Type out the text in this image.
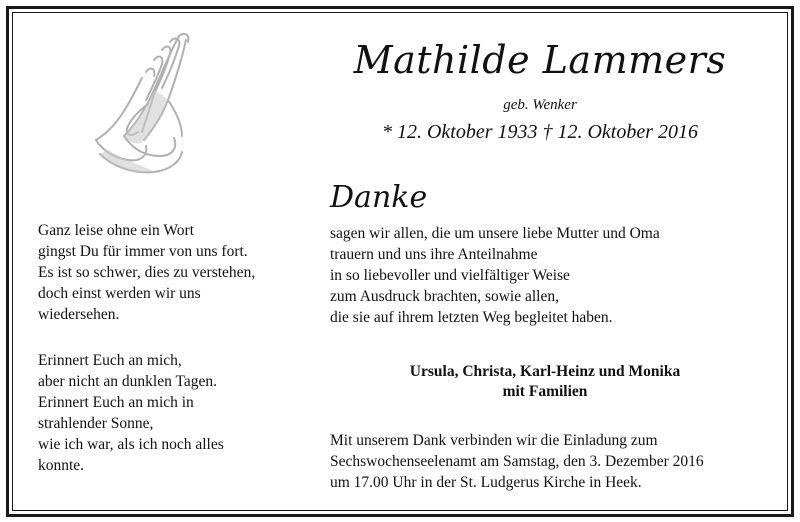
Mathilde Lammers
geb. Wenker
* 12. Oktober 1933 † 12. Oktober 2016
Danke

Ganz leise ohne ein Wort
gingst Du für immer von uns fort.
Es ist so schwer, dies zu verstehen,
doch einst werden wir uns
wiedersehen.

Erinnert Euch an mich,
aber nicht an dunklen Tagen.
Erinnert Euch an mich in
strahlender Sonne,
wie ich war, als ich noch alles
konnte.

sagen wir allen, die um unsere liebe Mutter und Oma
trauern und uns ihre Anteilnahme
in so liebevoller und vielfältiger Weise
zum Ausdruck brachten, sowie allen,
die sie auf ihrem letzten Weg begleitet haben.

Ursula, Christa, Karl-Heinz und Monika
mit Familien

Mit unserem Dank verbinden wir die Einladung zum
Sechswochenseelenamt am Samstag, den 3. Dezember 2016
um 17.00 Uhr in der St. Ludgerus Kirche in Heek.
